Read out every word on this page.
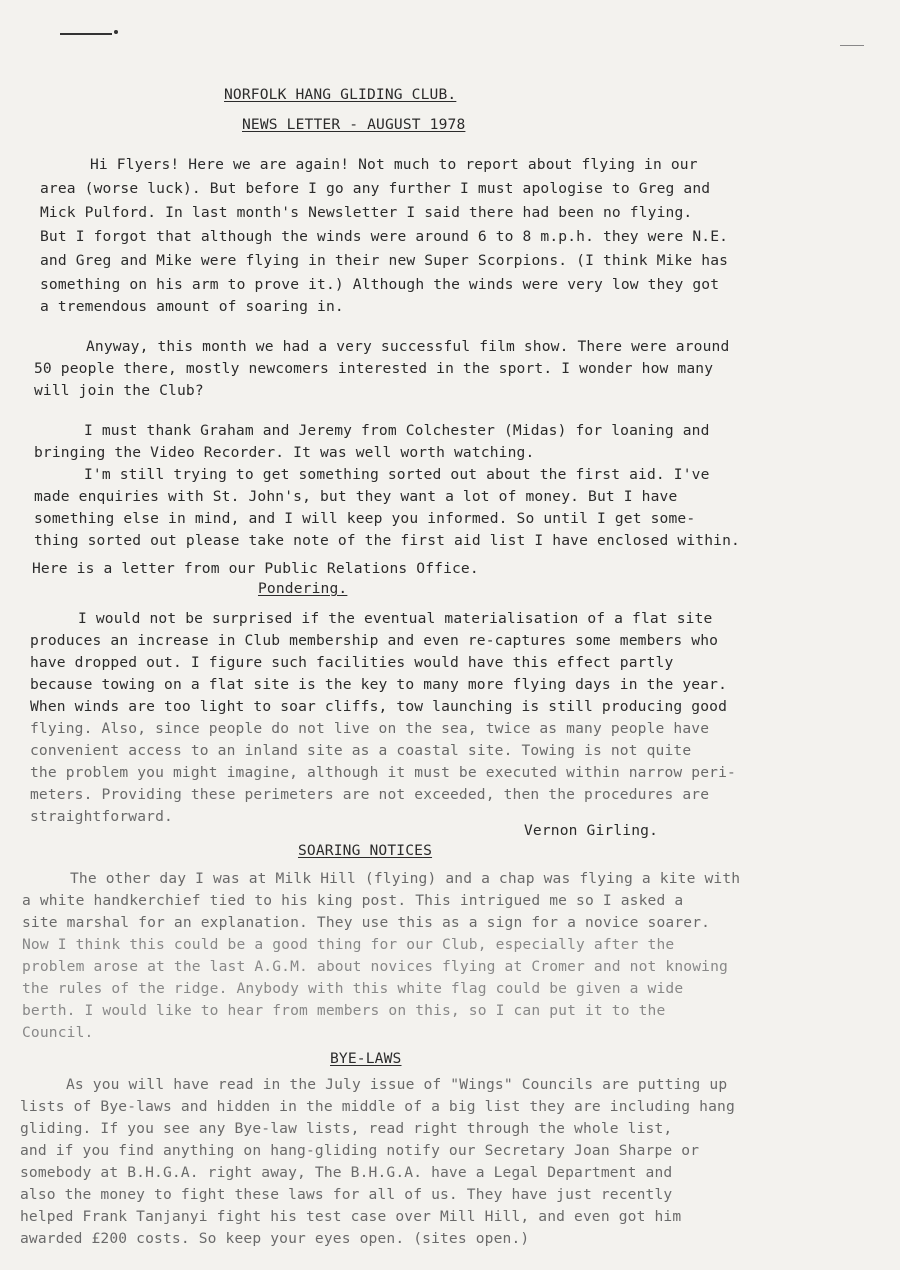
NORFOLK HANG GLIDING CLUB.
NEWS LETTER - AUGUST 1978
Hi Flyers! Here we are again! Not much to report about flying in our
area (worse luck). But before I go any further I must apologise to Greg and
Mick Pulford. In last month's Newsletter I said there had been no flying.
But I forgot that although the winds were around 6 to 8 m.p.h. they were N.E.
and Greg and Mike were flying in their new Super Scorpions. (I think Mike has
something on his arm to prove it.) Although the winds were very low they got
a tremendous amount of soaring in.
Anyway, this month we had a very successful film show. There were around
50 people there, mostly newcomers interested in the sport. I wonder how many
will join the Club?
I must thank Graham and Jeremy from Colchester (Midas) for loaning and
bringing the Video Recorder. It was well worth watching.
I'm still trying to get something sorted out about the first aid. I've
made enquiries with St. John's, but they want a lot of money. But I have
something else in mind, and I will keep you informed. So until I get some-
thing sorted out please take note of the first aid list I have enclosed within.
Here is a letter from our Public Relations Office.
Pondering.
I would not be surprised if the eventual materialisation of a flat site
produces an increase in Club membership and even re-captures some members who
have dropped out. I figure such facilities would have this effect partly
because towing on a flat site is the key to many more flying days in the year.
When winds are too light to soar cliffs, tow launching is still producing good
flying. Also, since people do not live on the sea, twice as many people have
convenient access to an inland site as a coastal site. Towing is not quite
the problem you might imagine, although it must be executed within narrow peri-
meters. Providing these perimeters are not exceeded, then the procedures are
straightforward.
Vernon Girling.
SOARING NOTICES
The other day I was at Milk Hill (flying) and a chap was flying a kite with
a white handkerchief tied to his king post. This intrigued me so I asked a
site marshal for an explanation. They use this as a sign for a novice soarer.
Now I think this could be a good thing for our Club, especially after the
problem arose at the last A.G.M. about novices flying at Cromer and not knowing
the rules of the ridge. Anybody with this white flag could be given a wide
berth. I would like to hear from members on this, so I can put it to the
Council.
BYE-LAWS
As you will have read in the July issue of "Wings" Councils are putting up
lists of Bye-laws and hidden in the middle of a big list they are including hang
gliding. If you see any Bye-law lists, read right through the whole list,
and if you find anything on hang-gliding notify our Secretary Joan Sharpe or
somebody at B.H.G.A. right away, The B.H.G.A. have a Legal Department and
also the money to fight these laws for all of us. They have just recently
helped Frank Tanjanyi fight his test case over Mill Hill, and even got him
awarded £200 costs. So keep your eyes open. (sites open.)
